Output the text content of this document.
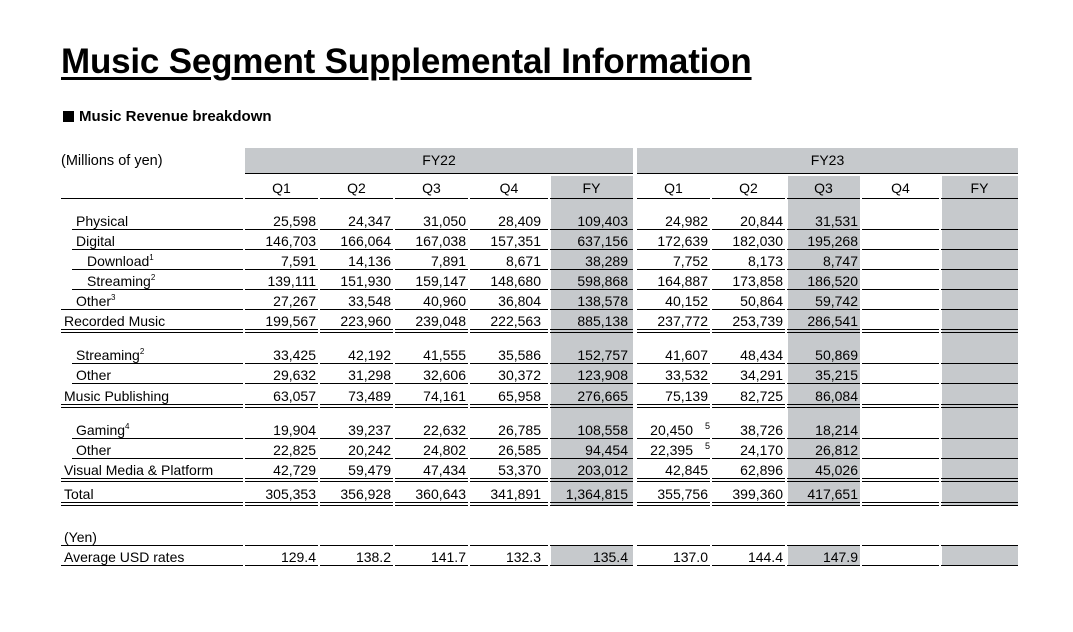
Music Segment Supplemental Information
Music Revenue breakdown
(Millions of yen)	FY22	FY23
Q1	Q2	Q3	Q4	FY	Q1	Q2	Q3	Q4	FY
Physical	25,598	24,347	31,050	28,409	109,403	24,982	20,844	31,531
Digital	146,703	166,064	167,038	157,351	637,156	172,639	182,030	195,268
Download$^1$	7,591	14,136	7,891	8,671	38,289	7,752	8,173	8,747
Streaming$^2$	139,111	151,930	159,147	148,680	598,868	164,887	173,858	186,520
Other$^3$	27,267	33,548	40,960	36,804	138,578	40,152	50,864	59,742
Recorded Music	199,567	223,960	239,048	222,563	885,138	237,772	253,739	286,541
Streaming$^2$	33,425	42,192	41,555	35,586	152,757	41,607	48,434	50,869
Other	29,632	31,298	32,606	30,372	123,908	33,532	34,291	35,215
Music Publishing	63,057	73,489	74,161	65,958	276,665	75,139	82,725	86,084
Gaming$^4$	19,904	39,237	22,632	26,785	108,558	20,450 5	38,726	18,214
Other	22,825	20,242	24,802	26,585	94,454	22,395 5	24,170	26,812
Visual Media & Platform	42,729	59,479	47,434	53,370	203,012	42,845	62,896	45,026
Total	305,353	356,928	360,643	341,891	1,364,815	355,756	399,360	417,651
(Yen)
Average USD rates	129.4	138.2	141.7	132.3	135.4	137.0	144.4	147.9
